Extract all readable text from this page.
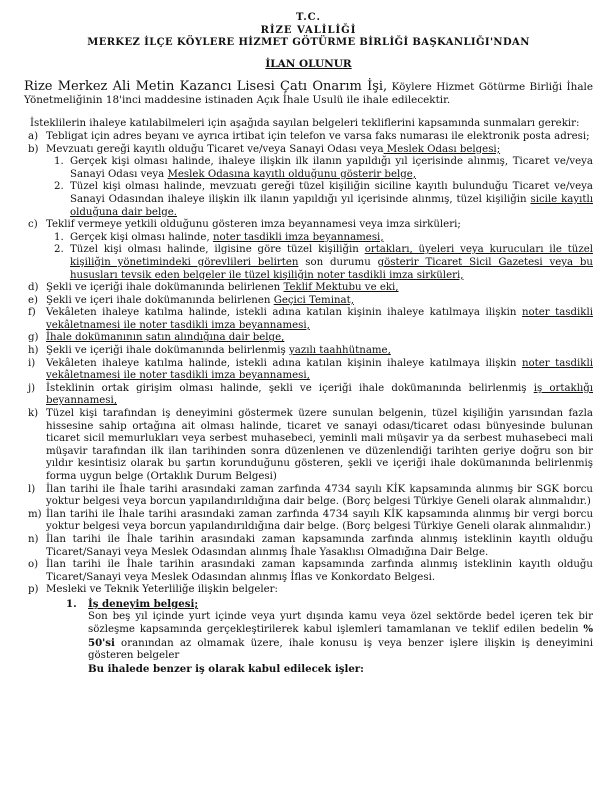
T.C.
RİZE VALİLİĞİ
MERKEZ İLÇE KÖYLERE HİZMET GÖTÜRME BİRLİĞİ BAŞKANLIĞI'NDAN
İLAN OLUNUR

Rize Merkez Ali Metin Kazancı Lisesi Çatı Onarım İşi, Köylere Hizmet Götürme Birliği İhale Yönetmeliğinin 18'inci maddesine istinaden Açık İhale Usulü ile ihale edilecektir.

İsteklilerin ihaleye katılabilmeleri için aşağıda sayılan belgeleri tekliflerini kapsamında sunmaları gerekir:

a) Tebligat için adres beyanı ve ayrıca irtibat için telefon ve varsa faks numarası ile elektronik posta adresi;
b) Mevzuatı gereği kayıtlı olduğu Ticaret ve/veya Sanayi Odası veya Meslek Odası belgesi;
1. Gerçek kişi olması halinde, ihaleye ilişkin ilk ilanın yapıldığı yıl içerisinde alınmış, Ticaret ve/veya Sanayi Odası veya Meslek Odasına kayıtlı olduğunu gösterir belge,
2. Tüzel kişi olması halinde, mevzuatı gereği tüzel kişiliğin siciline kayıtlı bulunduğu Ticaret ve/veya Sanayi Odasından ihaleye ilişkin ilk ilanın yapıldığı yıl içerisinde alınmış, tüzel kişiliğin sicile kayıtlı olduğuna dair belge.
c) Teklif vermeye yetkili olduğunu gösteren imza beyannamesi veya imza sirküleri;
1. Gerçek kişi olması halinde, noter tasdikli imza beyannamesi,
2. Tüzel kişi olması halinde, ilgisine göre tüzel kişiliğin ortakları, üyeleri veya kurucuları ile tüzel kişiliğin yönetimindeki görevlileri belirten son durumu gösterir Ticaret Sicil Gazetesi veya bu hususları tevsik eden belgeler ile tüzel kişiliğin noter tasdikli imza sirküleri,
d) Şekli ve içeriği ihale dokümanında belirlenen Teklif Mektubu ve eki,
e) Şekli ve içeri ihale dokümanında belirlenen Geçici Teminat,
f)	Vekâleten ihaleye katılma halinde, istekli adına katılan kişinin ihaleye katılmaya ilişkin noter tasdikli vekâletnamesi ile noter tasdikli imza beyannamesi,
g) İhale dokümanının satın alındığına dair belge,
h) Şekli ve içeriği ihale dokümanında belirlenmiş yazılı taahhütname,
i)	Vekâleten ihaleye katılma halinde, istekli adına katılan kişinin ihaleye katılmaya ilişkin noter tasdikli vekâletnamesi ile noter tasdikli imza beyannamesi,
j)	İsteklinin ortak girişim olması halinde, şekli ve içeriği ihale dokümanında belirlenmiş iş ortaklığı beyannamesi,
k) Tüzel kişi tarafından iş deneyimini göstermek üzere sunulan belgenin, tüzel kişiliğin yarısından fazla hissesine sahip ortağına ait olması halinde, ticaret ve sanayi odası/ticaret odası bünyesinde bulunan ticaret sicil memurlukları veya serbest muhasebeci, yeminli mali müşavir ya da serbest muhasebeci mali müşavir tarafından ilk ilan tarihinden sonra düzenlenen ve düzenlendiği tarihten geriye doğru son bir yıldır kesintisiz olarak bu şartın korunduğunu gösteren, şekli ve içeriği ihale dokümanında belirlenmiş forma uygun belge (Ortaklık Durum Belgesi)
l)	İlan tarihi ile İhale tarihi arasındaki zaman zarfında 4734 sayılı KİK kapsamında alınmış bir SGK borcu yoktur belgesi veya borcun yapılandırıldığına dair belge. (Borç belgesi Türkiye Geneli olarak alınmalıdır.)
m) İlan tarihi ile İhale tarihi arasındaki zaman zarfında 4734 sayılı KİK kapsamında alınmış bir vergi borcu yoktur belgesi veya borcun yapılandırıldığına dair belge. (Borç belgesi Türkiye Geneli olarak alınmalıdır.)
n) İlan tarihi ile İhale tarihin arasındaki zaman kapsamında zarfında alınmış isteklinin kayıtlı olduğu Ticaret/Sanayi veya Meslek Odasından alınmış İhale Yasaklısı Olmadığına Dair Belge.
o) İlan tarihi ile İhale tarihin arasındaki zaman kapsamında zarfında alınmış isteklinin kayıtlı olduğu Ticaret/Sanayi veya Meslek Odasından alınmış İflas ve Konkordato Belgesi.
p) Mesleki ve Teknik Yeterliliğe ilişkin belgeler:
1.	İş deneyim belgesi;

Son beş yıl içinde yurt içinde veya yurt dışında kamu veya özel sektörde bedel içeren tek bir sözleşme kapsamında gerçekleştirilerek kabul işlemleri tamamlanan ve teklif edilen bedelin % 50'si oranından az olmamak üzere, ihale konusu iş veya benzer işlere ilişkin iş deneyimini gösteren belgeler

Bu ihalede benzer iş olarak kabul edilecek işler:
